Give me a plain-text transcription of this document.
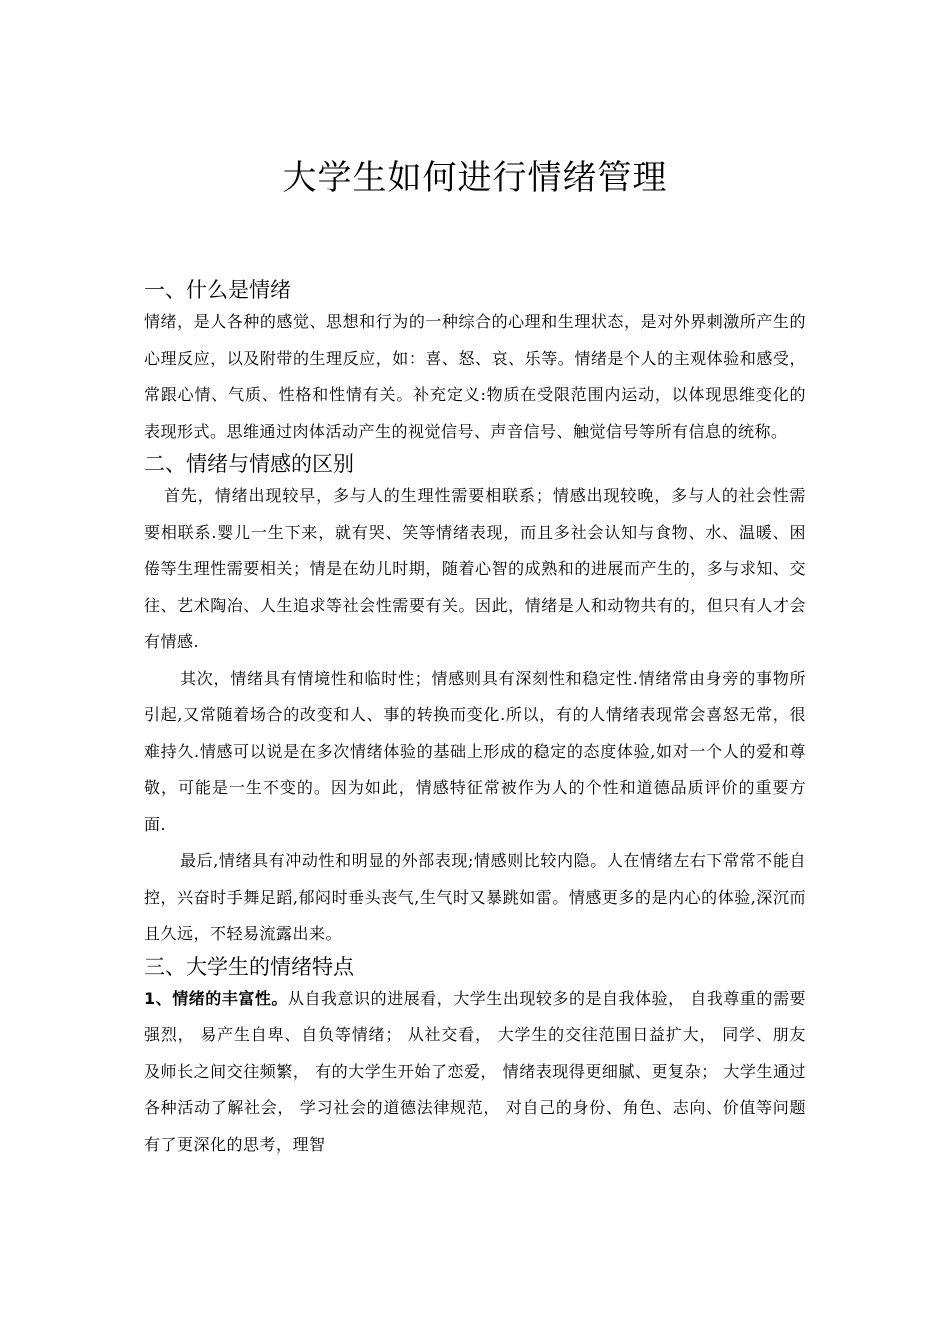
大学生如何进行情绪管理
一、什么是情绪

情绪，是人各种的感觉、思想和行为的一种综合的心理和生理状态，是对外界刺激所产生的心理反应，以及附带的生理反应，如：喜、怒、哀、乐等。情绪是个人的主观体验和感受，常跟心情、气质、性格和性情有关。补充定义:物质在受限范围内运动，以体现思维变化的表现形式。思维通过肉体活动产生的视觉信号、声音信号、触觉信号等所有信息的统称。

二、情绪与情感的区别

首先，情绪出现较早，多与人的生理性需要相联系；情感出现较晚，多与人的社会性需要相联系.婴儿一生下来，就有哭、笑等情绪表现，而且多社会认知与食物、水、温暖、困倦等生理性需要相关；情是在幼儿时期，随着心智的成熟和的进展而产生的，多与求知、交往、艺术陶冶、人生追求等社会性需要有关。因此，情绪是人和动物共有的，但只有人才会有情感.

其次，情绪具有情境性和临时性；情感则具有深刻性和稳定性.情绪常由身旁的事物所引起,又常随着场合的改变和人、事的转换而变化.所以，有的人情绪表现常会喜怒无常，很难持久.情感可以说是在多次情绪体验的基础上形成的稳定的态度体验,如对一个人的爱和尊敬，可能是一生不变的。因为如此，情感特征常被作为人的个性和道德品质评价的重要方面.

最后,情绪具有冲动性和明显的外部表现;情感则比较内隐。人在情绪左右下常常不能自控，兴奋时手舞足蹈,郁闷时垂头丧气,生气时又暴跳如雷。情感更多的是内心的体验,深沉而且久远，不轻易流露出来。

三、大学生的情绪特点

1、情绪的丰富性。从自我意识的进展看，大学生出现较多的是自我体验， 自我尊重的需要强烈， 易产生自卑、自负等情绪； 从社交看， 大学生的交往范围日益扩大， 同学、朋友及师长之间交往频繁， 有的大学生开始了恋爱， 情绪表现得更细腻、更复杂； 大学生通过各种活动了解社会， 学习社会的道德法律规范， 对自己的身份、角色、志向、价值等问题有了更深化的思考，理智
